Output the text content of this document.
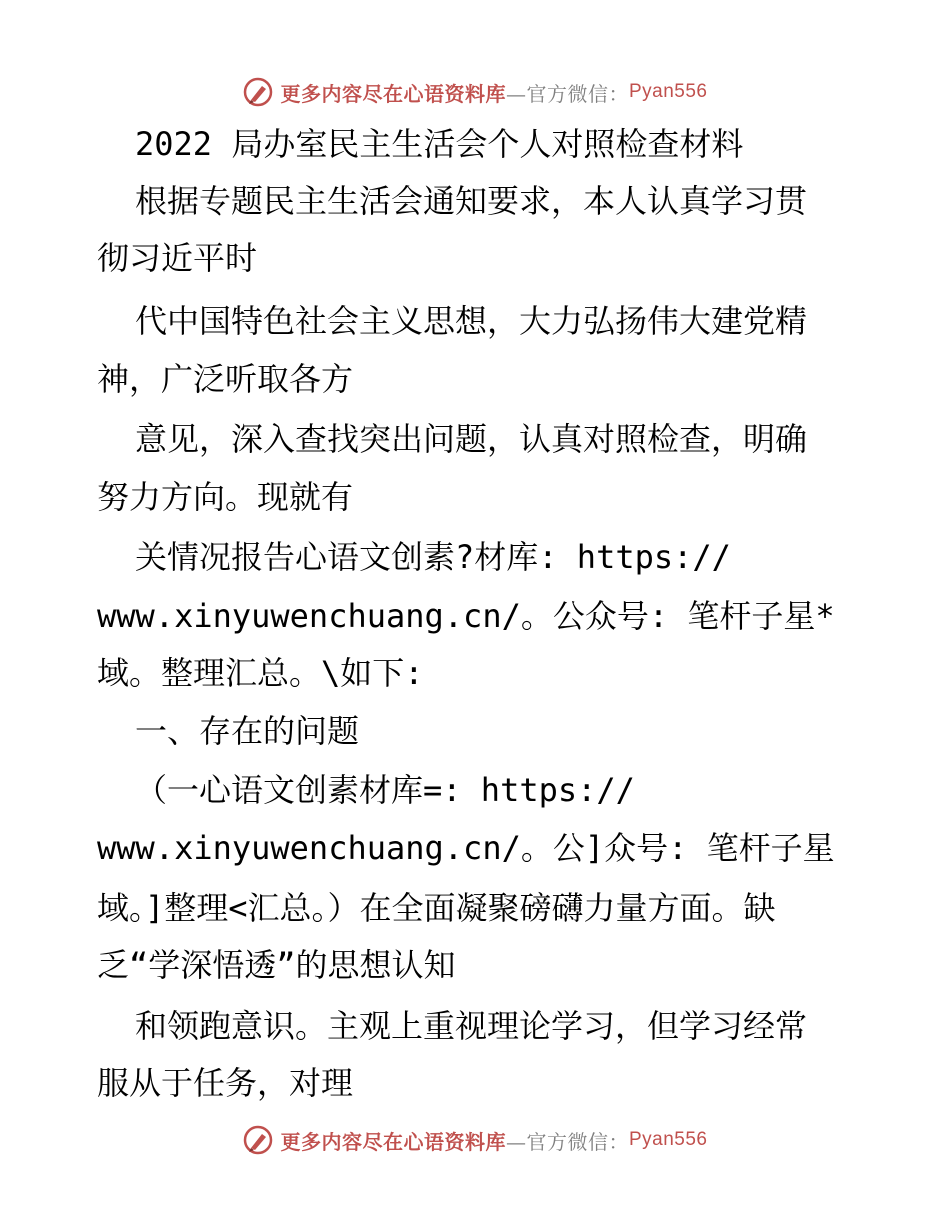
更多内容尽在心语资料库 —官方微信： Pyan556
2022 局办室民主生活会个人对照检查材料
根据专题民主生活会通知要求，本人认真学习贯
彻习近平时
代中国特色社会主义思想，大力弘扬伟大建党精
神，广泛听取各方
意见，深入查找突出问题，认真对照检查，明确
努力方向。现就有
关情况报告心语文创素?材库: https://
www.xinyuwenchuang.cn/。公众号: 笔杆子星*
域。整理汇总。\如下:
一、存在的问题
（一心语文创素材库=: https://
www.xinyuwenchuang.cn/。公]众号: 笔杆子星
域。]整理<汇总。）在全面凝聚磅礴力量方面。缺
乏“学深悟透”的思想认知
和领跑意识。主观上重视理论学习，但学习经常
服从于任务，对理
更多内容尽在心语资料库 —官方微信： Pyan556
